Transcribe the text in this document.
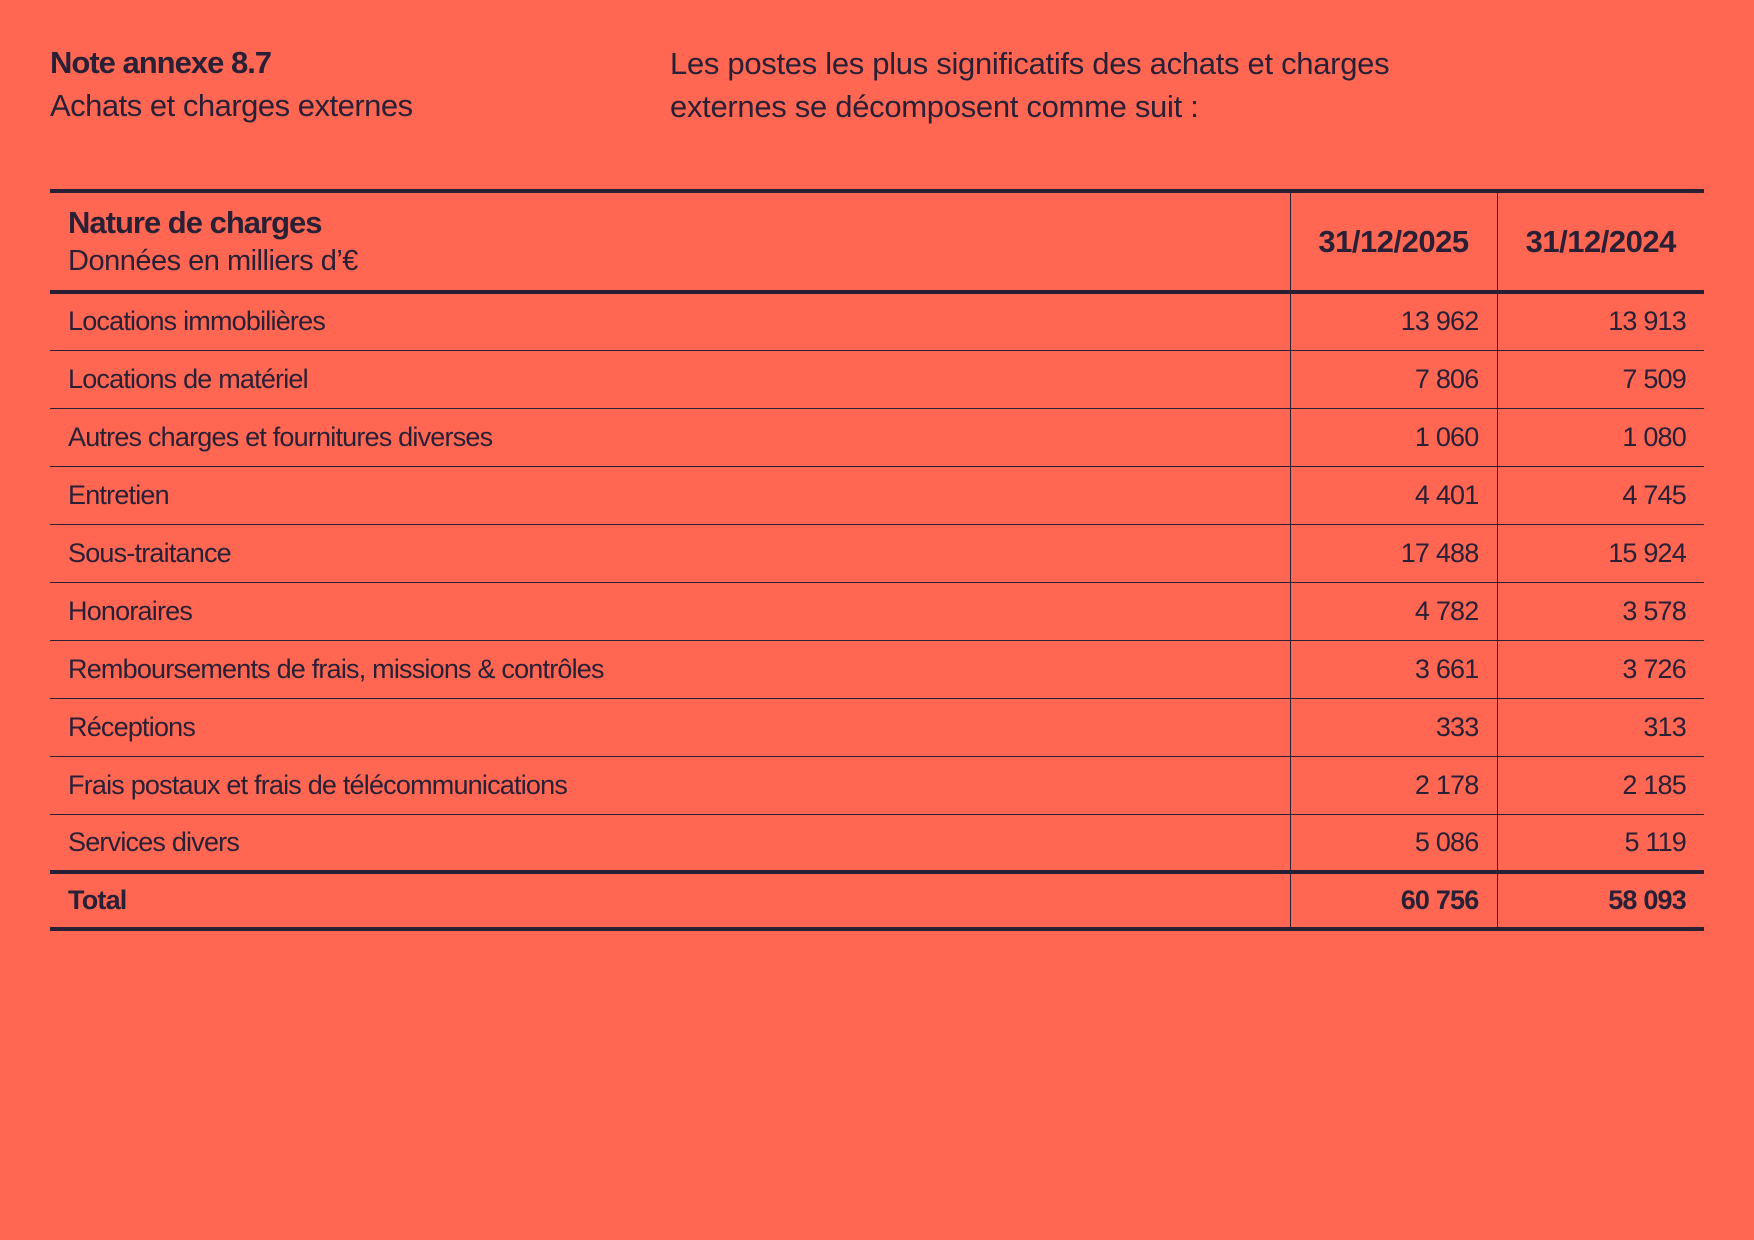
Note annexe 8.7
Achats et charges externes
Les postes les plus significatifs des achats et charges
externes se décomposent comme suit :
Nature de charges
Données en milliers d’€	31/12/2025	31/12/2024
Locations immobilières	13 962	13 913
Locations de matériel	7 806	7 509
Autres charges et fournitures diverses	1 060	1 080
Entretien	4 401	4 745
Sous-traitance	17 488	15 924
Honoraires	4 782	3 578
Remboursements de frais, missions & contrôles	3 661	3 726
Réceptions	333	313
Frais postaux et frais de télécommunications	2 178	2 185
Services divers	5 086	5 119
Total	60 756	58 093
